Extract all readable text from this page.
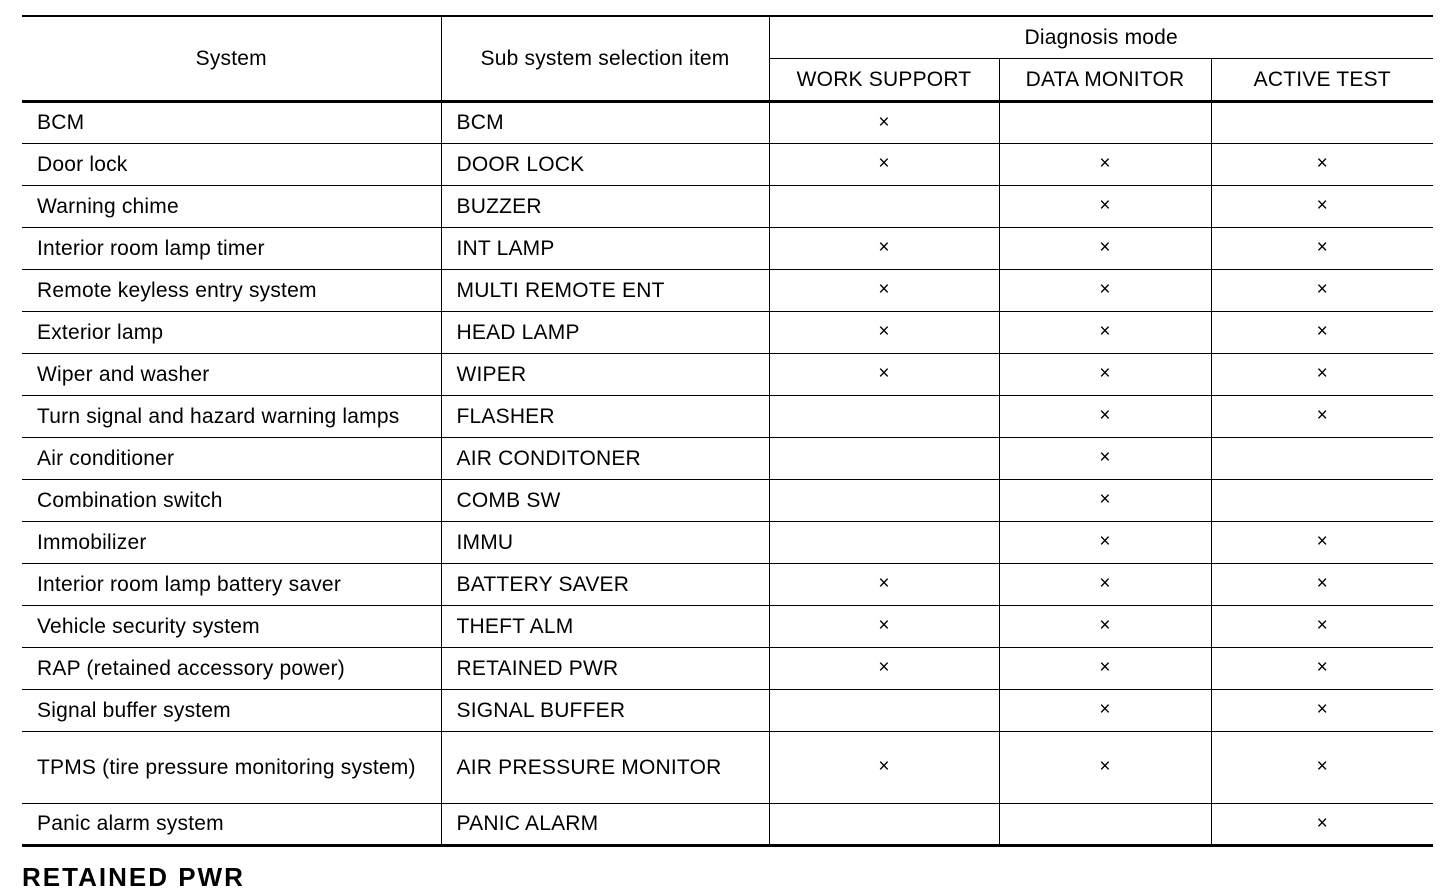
System	Sub system selection item	Diagnosis mode		
		WORK SUPPORT	DATA MONITOR	ACTIVE TEST
BCM	BCM	×		
Door lock	DOOR LOCK	×	×	×
Warning chime	BUZZER		×	×
Interior room lamp timer	INT LAMP	×	×	×
Remote keyless entry system	MULTI REMOTE ENT	×	×	×
Exterior lamp	HEAD LAMP	×	×	×
Wiper and washer	WIPER	×	×	×
Turn signal and hazard warning lamps	FLASHER		×	×
Air conditioner	AIR CONDITONER		×	
Combination switch	COMB SW		×	
Immobilizer	IMMU		×	×
Interior room lamp battery saver	BATTERY SAVER	×	×	×
Vehicle security system	THEFT ALM	×	×	×
RAP (retained accessory power)	RETAINED PWR	×	×	×
Signal buffer system	SIGNAL BUFFER		×	×
TPMS (tire pressure monitoring system)	AIR PRESSURE MONITOR	×	×	×
Panic alarm system	PANIC ALARM			×
RETAINED PWR
